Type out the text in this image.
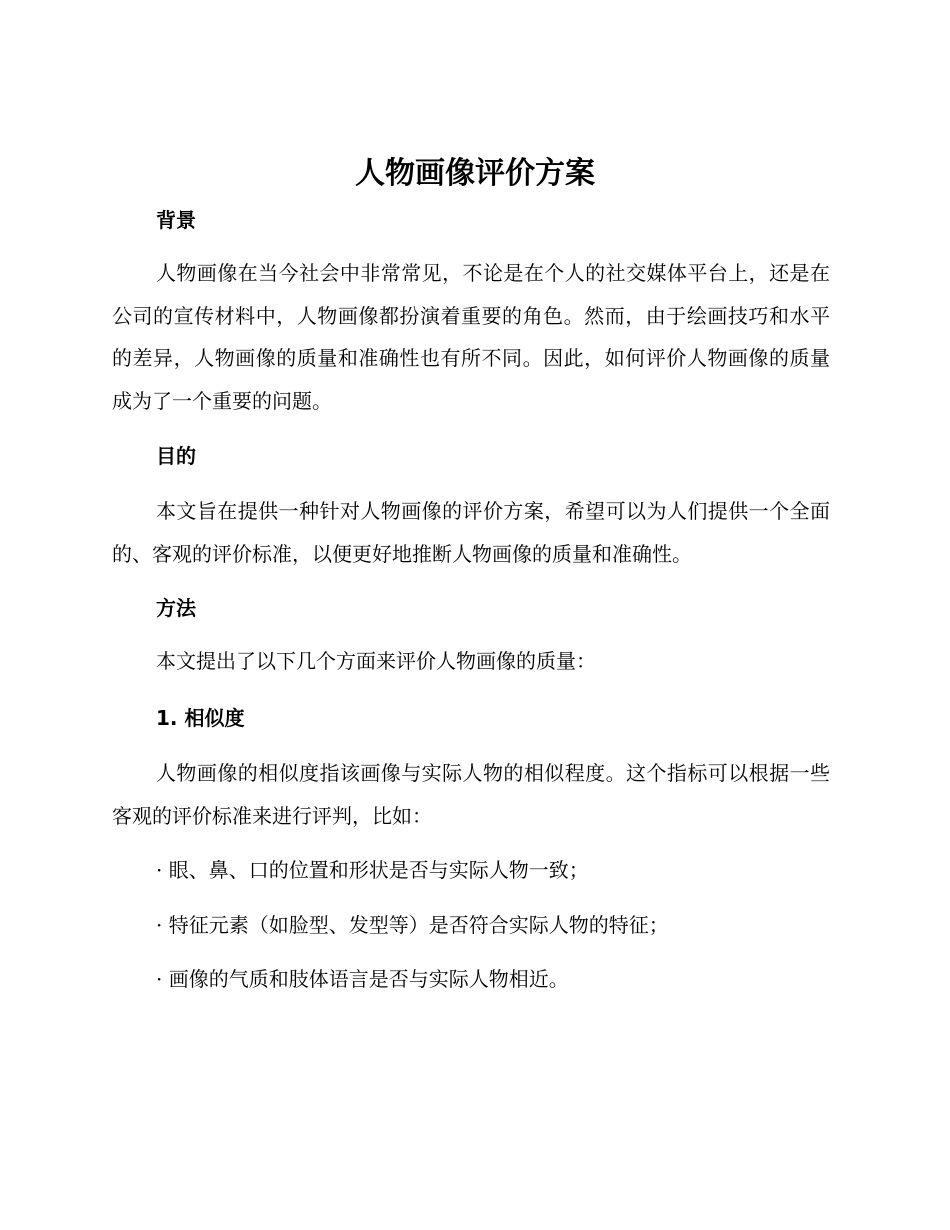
人物画像评价方案
背景

人物画像在当今社会中非常常见，不论是在个人的社交媒体平台上，还是在公司的宣传材料中，人物画像都扮演着重要的角色。然而，由于绘画技巧和水平的差异，人物画像的质量和准确性也有所不同。因此，如何评价人物画像的质量成为了一个重要的问题。

目的

本文旨在提供一种针对人物画像的评价方案，希望可以为人们提供一个全面的、客观的评价标准，以便更好地推断人物画像的质量和准确性。

方法

本文提出了以下几个方面来评价人物画像的质量：

1. 相似度

人物画像的相似度指该画像与实际人物的相似程度。这个指标可以根据一些客观的评价标准来进行评判，比如：

· 眼、鼻、口的位置和形状是否与实际人物一致；

· 特征元素（如脸型、发型等）是否符合实际人物的特征；

· 画像的气质和肢体语言是否与实际人物相近。
